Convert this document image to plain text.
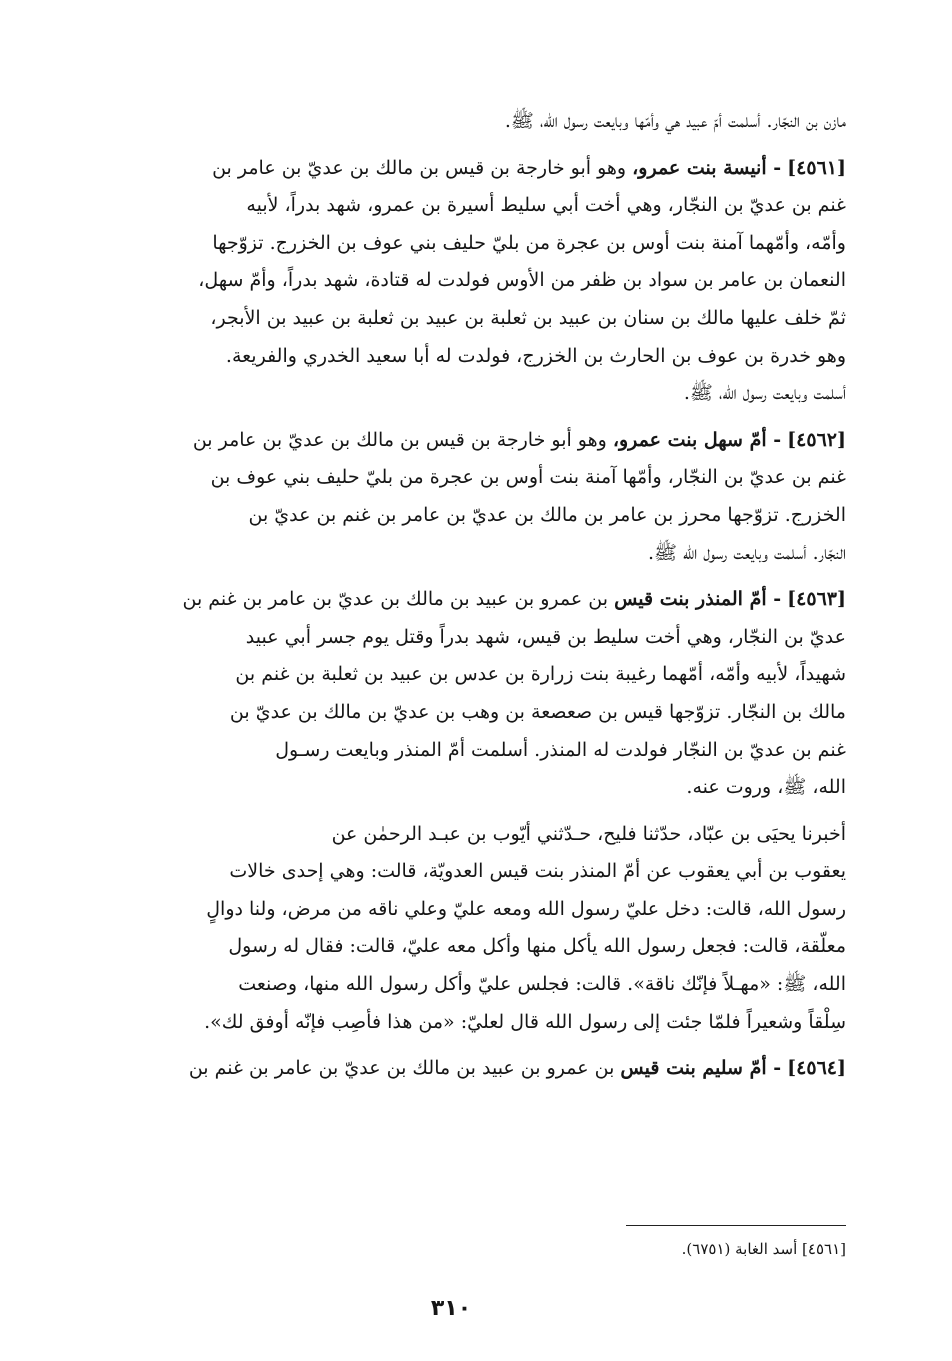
مازن بن النجّار. أسلمت أمّ عبيد هي وأمّها وبايعت رسول الله، ﷺ.

[٤٥٦١] - أنيسة بنت عمرو، وهو أبو خارجة بن قيس بن مالك بن عديّ بن عامر بن
غنم بن عديّ بن النجّار، وهي أخت أبي سليط أسيرة بن عمرو، شهد بدراً، لأبيه
وأمّه، وأمّهما آمنة بنت أوس بن عجرة من بليّ حليف بني عوف بن الخزرج. تزوّجها
النعمان بن عامر بن سواد بن ظفر من الأوس فولدت له قتادة، شهد بدراً، وأمّ سهل،
ثمّ خلف عليها مالك بن سنان بن عبيد بن ثعلبة بن عبيد بن ثعلبة بن عبيد بن الأبجر،
وهو خدرة بن عوف بن الحارث بن الخزرج، فولدت له أبا سعيد الخدري والفريعة.
أسلمت وبايعت رسول الله، ﷺ.

[٤٥٦٢] - أمّ سهل بنت عمرو، وهو أبو خارجة بن قيس بن مالك بن عديّ بن عامر بن
غنم بن عديّ بن النجّار، وأمّها آمنة بنت أوس بن عجرة من بليّ حليف بني عوف بن
الخزرج. تزوّجها محرز بن عامر بن مالك بن عديّ بن عامر بن غنم بن عديّ بن
النجّار. أسلمت وبايعت رسول الله ﷺ.

[٤٥٦٣] - أمّ المنذر بنت قيس بن عمرو بن عبيد بن مالك بن عديّ بن عامر بن غنم بن
عديّ بن النجّار، وهي أخت سليط بن قيس، شهد بدراً وقتل يوم جسر أبي عبيد
شهيداً، لأبيه وأمّه، أمّهما رغيبة بنت زرارة بن عدس بن عبيد بن ثعلبة بن غنم بن
مالك بن النجّار. تزوّجها قيس بن صعصعة بن وهب بن عديّ بن مالك بن عديّ بن
غنم بن عديّ بن النجّار فولدت له المنذر. أسلمت أمّ المنذر وبايعت رسـول
الله، ﷺ، وروت عنه.

أخبرنا يحيَى بن عبّاد، حدّثنا فليح، حـدّثني أيّوب بن عبـد الرحمٰن عن
يعقوب بن أبي يعقوب عن أمّ المنذر بنت قيس العدويّة، قالت: وهي إحدى خالات
رسول الله، قالت: دخل عليّ رسول الله ومعه عليّ وعلي ناقه من مرض، ولنا دوالٍ
معلّقة، قالت: فجعل رسول الله يأكل منها وأكل معه عليّ، قالت: فقال له رسول
الله، ﷺ: «مهـلاً فإنّك ناقة». قالت: فجلس عليّ وأكل رسول الله منها، وصنعت
سِلْقاً وشعيراً فلمّا جئت إلى رسول الله قال لعليّ: «من هذا فأصِب فإنّه أوفق لك».

[٤٥٦٤] - أمّ سليم بنت قيس بن عمرو بن عبيد بن مالك بن عديّ بن عامر بن غنم بن

[٤٥٦١] أسد الغابة (٦٧٥١).
٣١٠
